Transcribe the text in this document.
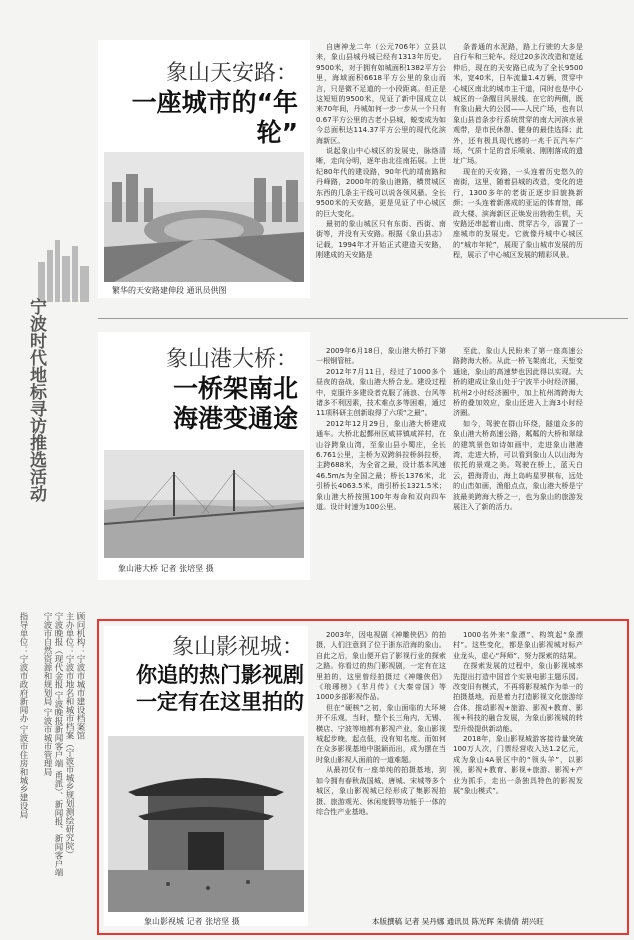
宁波时代地标寻访推选活动
顾问机构：宁波市城市建设档案馆
主办单位：宁波市地名和城市档案（宁波市城乡规划测绘研究院）
宁波晚报（现代金报 宁波晚报新闻客户端 甬派）、新闻报、新闻客户端
宁波市自然资源和规划局 宁波市城市管理局
指导单位：宁波市政府新闻办 宁波市住房和城乡建设局
象山天安路：
一座城市的“年轮”
繁华的天安路建伸段 通讯员供图

自唐神龙二年（公元706年）立县以来，象山县城丹城已经有1313年历史。9500米，对于拥有如城面积1382平方公里，海域面积6618平方公里的象山而言，只是微不足道的一小段距离。但正是这短短的9500米，见证了新中国成立以来70年间，丹城如何一步一步从一个只有0.67平方公里的古老小县城，蜕变成为如今总面积达114.37平方公里的现代化滨海新区。

说起象山中心城区的发展史，脉络清晰，走向分明，逐年由北往南拓展。上世纪80年代的建设路，90年代的靖南路和丹峰路，2000年的象山港路，横贯城区东西的几条主干线可以说各领风骚。全长9500米的天安路，更是见证了中心城区的巨大变化。

最初的象山城区只有东街、西街、南街等，并没有天安路。根据《象山县志》记载，1994年才开始正式建造天安路，刚建成的天安路是

条普通的水泥路，路上行驶的大多是自行车和三轮车。经过20多次改造和宽延伸后，现在的天安路已成为了全长9500米，宽40米，日车流量1.4万辆，贯穿中心城区南北的城市主干道，同时也是中心城区的一条醒目风景线。在它的两侧，既有象山最大的公园——人民广场，也有以象山县首条步行系统贯穿的南大河滨水景观带，是市民休憩、健身的最佳选择；此外，还有极具现代感的一兆千瓦汽车广场，气质十足的音乐喷泉、刚刚落成的遗址广场。

现在的天安路，一头连着历史悠久的南街，这里，随着县城的改造，变化的进行，1300多年的老街正逐步旧貌换新颜；一头连着新落成的亚运的体育馆，邮政大楼、滨海新区正焕发出勃勃生机，天安路还串起着山南、贯穿古今，添置了一座城市的发展史。它就像丹城中心城区的“城市年轮”，展现了象山城市发展的历程，展示了中心城区发展的精彩风景。

象山港大桥：
一桥架南北
海港变通途
象山港大桥 记者 张培坚 摄

2009年6月18日，象山港大桥打下第一根钢管桩。

2012年7月11日，经过了1000多个昼夜的奋战，象山港大桥合龙。建设过程中，克服许多建设者克服了涌浪、台风等诸多不利因素，技术难点多等困难，通过11项科研主创新取得了六项“之最”。

2012年12月29日，象山港大桥建成通车。大桥北起鄞州区咸祥镇咸祥村，在山谷跨象山湾，至象山县小蜀庄，全长6.761公里，主桥为双跨斜拉桥斜拉桥，主跨688米，为全省之最，设计基本风速46.5m/s为全国之最；桥长1376米，北引桥长4063.5米，南引桥长1321.5米；象山港大桥按照100年寿命和双向四车道。设计时速为100公里。

至此，象山人民盼来了第一座高速公路跨海大桥。从此一桥飞架南北，天堑变通途，象山的高速梦也因此得以实现。大桥的建成让象山处于宁波半小时经济圈，杭州2小时经济圈中，加上杭州湾跨海大桥的叠加效应，象山还进入上海3小时经济圈。

如今，驾驶在群山环绕，隧道众多的象山港大桥高速公路，粼粼的大桥和翠绿的建筑景色如诗如画中，走进象山港港湾，走进大桥，可以看到象山人以山海为依托的景观之美。驾驶在桥上，蓝天白云，碧海青山，海上岛屿星罗棋布，远处的山峦如画，渔船点点，象山港大桥是宁波最美跨海大桥之一，也为象山的旅游发展注入了新的活力。

象山影视城：
你追的热门影视剧
一定有在这里拍的
象山影视城 记者 张培坚 摄

2003年，因电视剧《神雕侠侣》的拍摄，人们注意到了位于浙东沿海的象山。自此之后，象山便开启了影视行业的探索之路。你看过的热门影视剧，一定有在这里拍的，这里曾经拍摄过《神雕侠侣》《琅琊榜》《芈月传》《大秦帝国》等1000多部影视作品。

但在“硬核”之初，象山面临的大环境并不乐观，当时，整个长三角内，无锡、横店、宁波等地都有影视产业，象山影视城起步晚，起点低，没有知名度。而如何在众多影视基地中脱颖而出，成为摆在当时象山影视人面前的一道难题。

从最初仅有一座单纯的拍摄基地，到如今拥有春秋战国城、唐城、宋城等多个城区，象山影视城已经形成了集影视拍摄、旅游观光、休闲度假等功能于一体的综合性产业基地。

1000名外来“象漂”、构筑起“象漂村”。这些变化，都是象山影视城对标产业龙头，虚心“拜师”、努力探索的结果。

在探索发展的过程中，象山影视城率先提出打造中国首个实景电影主题乐园。改变旧有模式，不再将影视城作为单一的拍摄基地，而是着力打造影视文化旅游综合体，推动影视+旅游、影视+教育、影视+科技的融合发展，为象山影视城的转型升级提供新动能。

2018年，象山影视城游客接待量突破100万人次，门票经营收入达1.2亿元，成为象山4A景区中的“领头羊”，以影视，影视+教育、影视+旅游、影视+产业为抓手，走出一条独具特色的影视发展“象山模式”。

本版撰稿 记者 吴丹娜 通讯员 陈光晖 朱倩倩 胡兴旺
